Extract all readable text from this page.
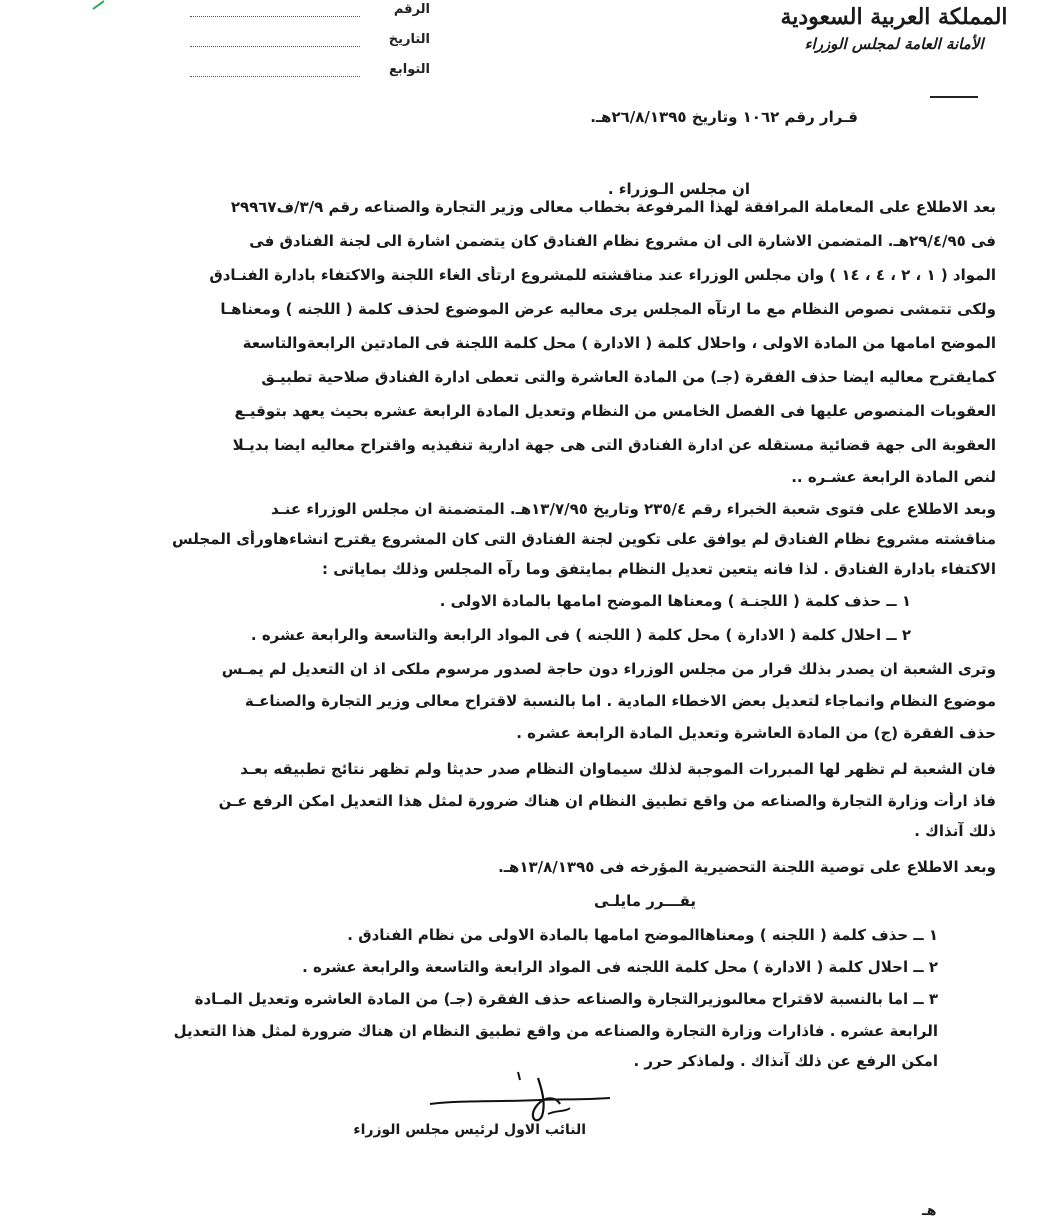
الرقم
التاريخ
التوابع
المملكة العربية السعودية
الأمانة العامة لمجلس الوزراء
قـرار رقم ١٠٦٢ وتاريخ ٢٦/٨/١٣٩٥هـ.
ان مجلس الـوزراء .
بعد الاطلاع على المعاملة المرافقة لهذا المرفوعة بخطاب معالى وزير التجارة والصناعه رقم ٣/٩/ف٢٩٩٦٧
فى ٢٩/٤/٩٥هـ. المتضمن الاشارة الى ان مشروع نظام الفنادق كان يتضمن اشارة الى لجنة الفنادق فى
المواد ( ١ ، ٢ ، ٤ ، ١٤ ) وان مجلس الوزراء عند مناقشته للمشروع ارتأى الغاء اللجنة والاكتفاء بادارة الفنـادق
ولكى تتمشى نصوص النظام مع ما ارتآه المجلس يرى معاليه عرض الموضوع لحذف كلمة ( اللجنه ) ومعناهـا
الموضح امامها من المادة الاولى ، واحلال كلمة ( الادارة ) محل كلمة اللجنة فى المادتين الرابعةوالتاسعة
كمايقترح معاليه ايضا حذف الفقرة (جـ) من المادة العاشرة والتى تعطى ادارة الفنادق صلاحية تطبيـق
العقوبات المنصوص عليها فى الفصل الخامس من النظام وتعديل المادة الرابعة عشره بحيث يعهد بتوقيـع
العقوبة الى جهة قضائية مستقله عن ادارة الفنادق التى هى جهة ادارية تنفيذيه واقتراح معاليه ايضا بديـلا
لنص المادة الرابعة عشـره ..
وبعد الاطلاع على فتوى شعبة الخبراء رقم ٢٣٥/٤ وتاريخ ١٣/٧/٩٥هـ. المتضمنة ان مجلس الوزراء عنـد
مناقشته مشروع نظام الفنادق لم يوافق على تكوين لجنة الفنادق التى كان المشروع يقترح انشاءهاورأى المجلس
الاكتفاء بادارة الفنادق . لذا فانه يتعين تعديل النظام بمايتفق وما رآه المجلس وذلك بماياتى :
١ ــ حذف كلمة ( اللجنـة ) ومعناها الموضح امامها بالمادة الاولى .
٢ ــ احلال كلمة ( الادارة ) محل كلمة ( اللجنه ) فى المواد الرابعة والتاسعة والرابعة عشره .
وترى الشعبة ان يصدر بذلك قرار من مجلس الوزراء دون حاجة لصدور مرسوم ملكى اذ ان التعديل لم يمـس
موضوع النظام وانماجاء لتعديل بعض الاخطاء المادية . اما بالنسبة لاقتراح معالى وزير التجارة والصناعـة
حذف الفقرة (ج) من المادة العاشرة وتعديل المادة الرابعة عشره .
فان الشعبة لم تظهر لها المبررات الموجبة لذلك سيماوان النظام صدر حديثا ولم تظهر نتائج تطبيقه بعـد
فاذ ارأت وزارة التجارة والصناعه من واقع تطبيق النظام ان هناك ضرورة لمثل هذا التعديل امكن الرفع عـن
ذلك آنذاك .
وبعد الاطلاع على توصية اللجنة التحضيرية المؤرخه فى ١٣/٨/١٣٩٥هـ.
يقـــرر مايلـى
١ ــ حذف كلمة ( اللجنه ) ومعناهاالموضح امامها بالمادة الاولى من نظام الفنادق .
٢ ــ احلال كلمة ( الادارة ) محل كلمة اللجنه فى المواد الرابعة والتاسعة والرابعة عشره .
٣ ــ اما بالنسبة لاقتراح معالىوزيرالتجارة والصناعه حذف الفقرة (جـ) من المادة العاشره وتعديل المـادة
الرابعة عشره . فاذارات وزارة التجارة والصناعه من واقع تطبيق النظام ان هناك ضرورة لمثل هذا التعديل
امكن الرفع عن ذلك آنذاك . ولماذكر حرر .
النائب الاول لرئيس مجلس الوزراء
هـ
